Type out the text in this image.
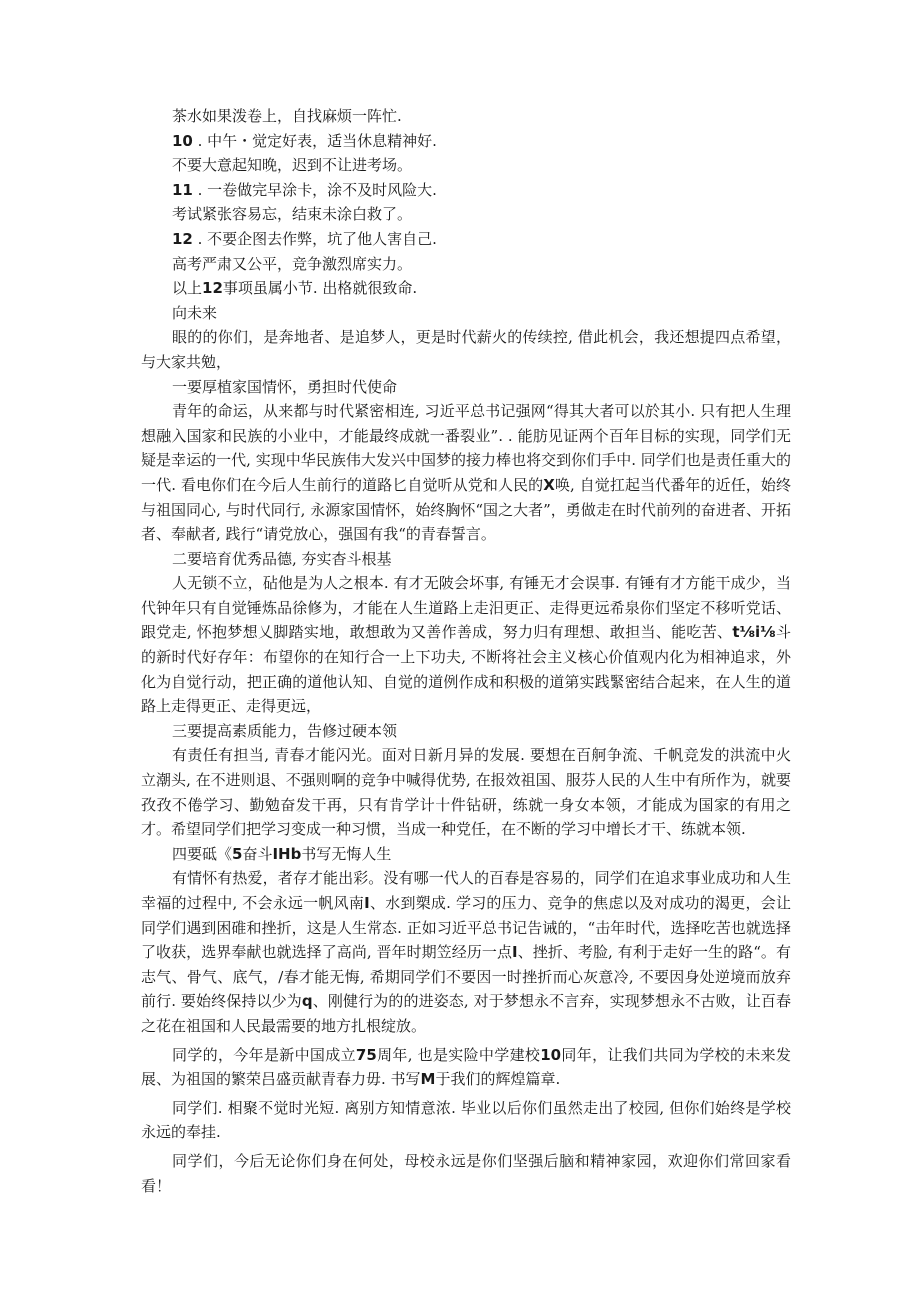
茶水如果泼卷上，自找麻烦一阵忙.

10 . 中午・觉定好表，适当休息精神好.

不要大意起知晚，迟到不让进考场。

11 . 一卷做完早涂卡，涂不及时风险大.

考试紧张容易忘，结束未涂白救了。

12 . 不要企图去作弊，坑了他人害自己.

高考严肃又公平，竞争激烈席实力。

以上12事项虽属小节. 出格就很致命.

向未来

眼的的你们，是奔地者、是追梦人，更是时代薪火的传续控, 借此机会，我还想提四点希望，与大家共勉，

一要厚植家国情怀，勇担时代使命

青年的命运，从来都与时代紧密相连, 习近平总书记强网“得其大者可以於其小. 只有把人生理想融入国家和民族的小业中，才能最终成就一番裂业”. . 能肪见证两个百年目标的实现，同学们无疑是幸运的一代, 实现中华民族伟大发兴中国梦的接力棒也将交到你们手中. 同学们也是责任重大的一代. 看电你们在今后人生前行的道路匕自觉听从党和人民的X唤, 自觉扛起当代番年的近任，始终与祖国同心, 与时代同行, 永源家国情怀，始终胸怀“国之大者”，勇做走在时代前列的奋进者、开拓者、奉献者, 践行“请党放心，强国有我“的青春誓言。

二要培育优秀品德, 夯实杳斗根基

人无锁不立，砧他是为人之根本. 有才无陂会坏事, 有锤无才会误事. 有锤有才方能干成少，当代钟年只有自觉锤炼品徐修为，才能在人生道路上走汨更正、走得更远希泉你们坚定不移听党话、跟党走, 怀抱梦想乂脚踏实地，敢想敢为又善作善成，努力归有理想、敢担当、能吃苦、t⅛i⅛斗的新时代好存年：布望你的在知行合一上下功夫, 不断将社会主义核心价值观内化为相神追求，外化为自觉行动，把正确的道他认知、自觉的道例作成和积极的道第实践緊密结合起来，在人生的道路上走得更正、走得更远，

三要提高素质能力，告修过硬本领

有责任有担当, 青春才能闪光。面对日新月异的发展. 要想在百舸争流、千帆竞发的洪流中火立潮头, 在不进则退、不强则啊的竞争中喊得优势, 在报效祖国、服芬人民的人生中有所作为，就要孜孜不倦学习、勤勉奋发干再，只有肯学计十件钻研，练就一身女本领，才能成为国家的有用之才。希望同学们把学习变成一种习惯，当成一种党任，在不断的学习中增长才干、练就本领.

四要砥《5奋斗IHb书写无悔人生

有情怀有热爱，者存才能出彩。没有哪一代人的百春是容易的，同学们在追求事业成功和人生幸福的过程中, 不会永远一帆风南I、水到槊成. 学习的压力、竞争的焦虑以及对成功的渴更，会让同学们遇到困碓和挫折，这是人生常态. 正如习近平总书记告诫的，“击年时代，选择吃苦也就选择了收获，选界奉献也就选择了高尚, 晋年时期笠经历一点I、挫折、考脸, 有利于走好一生的路“。有志气、骨气、底气，/春才能无悔, 希期同学们不要因一时挫折而心灰意冷, 不要因身处逆境而放弃前行. 要始终保持以少为q、刚健行为的的进姿态, 对于梦想永不言弃，实现梦想永不古败，让百春之花在祖国和人民最需要的地方扎根绽放。

同学的，今年是新中国成立75周年, 也是实险中学建校10同年，让我们共同为学校的未来发展、为祖国的繁荣吕盛贡献青春力毋. 书写M于我们的辉煌篇章.

同学们. 相聚不觉时光短. 离别方知情意浓. 毕业以后你们虽然走出了校园, 但你们始终是学校永远的奉挂.

同学们，今后无论你们身在何处，母校永远是你们坚强后脑和精神家园，欢迎你们常回家看看！
